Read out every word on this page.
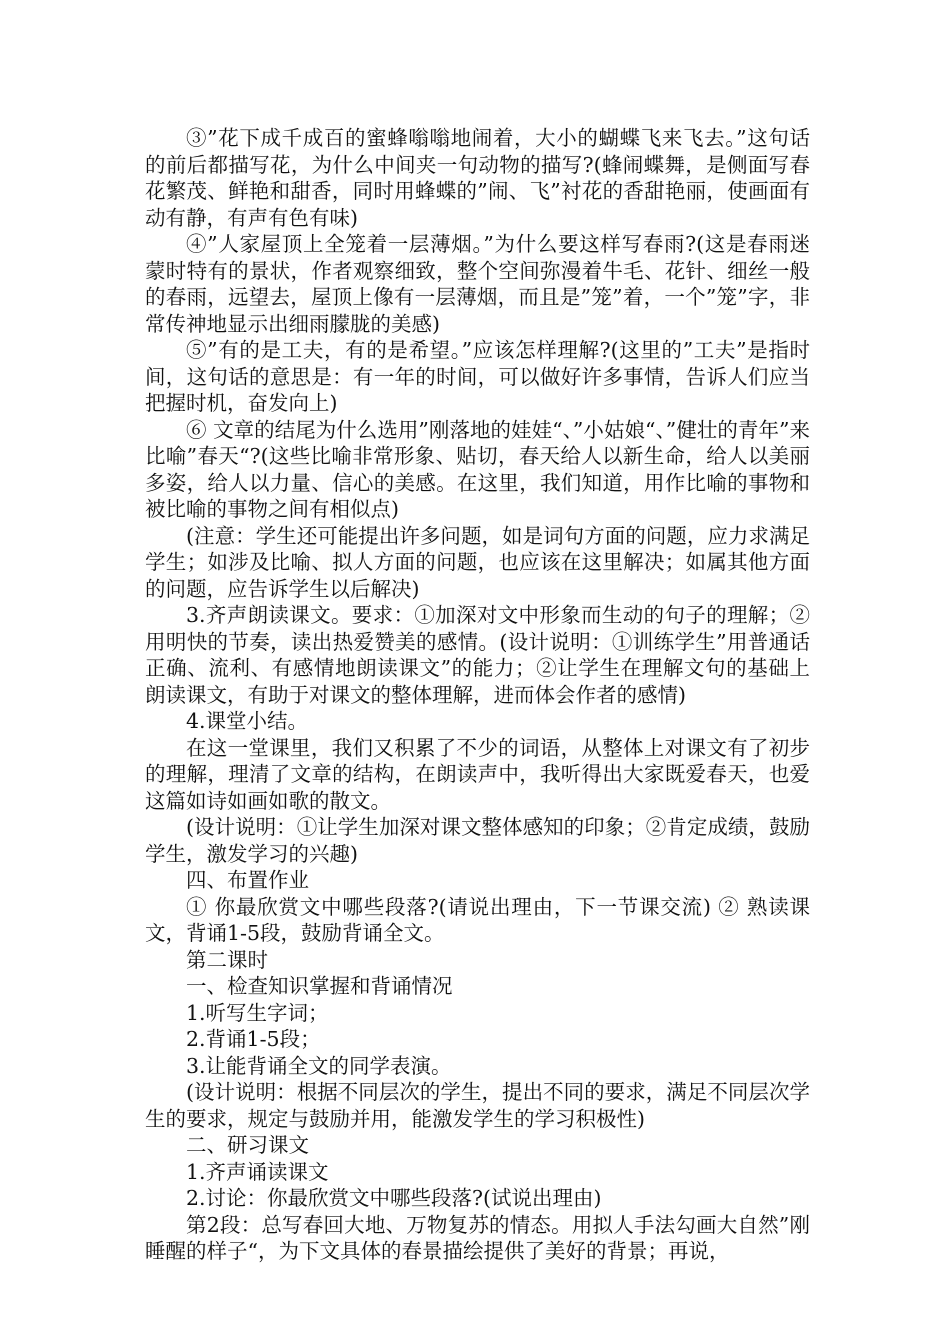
③”花下成千成百的蜜蜂嗡嗡地闹着，大小的蝴蝶飞来飞去。”这句话的前后都描写花，为什么中间夹一句动物的描写?(蜂闹蝶舞，是侧面写春花繁茂、鲜艳和甜香，同时用蜂蝶的”闹、飞”衬花的香甜艳丽，使画面有动有静，有声有色有味)

④”人家屋顶上全笼着一层薄烟。”为什么要这样写春雨?(这是春雨迷蒙时特有的景状，作者观察细致，整个空间弥漫着牛毛、花针、细丝一般的春雨，远望去，屋顶上像有一层薄烟，而且是”笼”着，一个”笼”字，非常传神地显示出细雨朦胧的美感)

⑤”有的是工夫，有的是希望。”应该怎样理解?(这里的”工夫”是指时间，这句话的意思是：有一年的时间，可以做好许多事情，告诉人们应当把握时机，奋发向上)

⑥ 文章的结尾为什么选用”刚落地的娃娃“、”小姑娘“、”健壮的青年”来比喻”春天“?(这些比喻非常形象、贴切，春天给人以新生命，给人以美丽多姿，给人以力量、信心的美感。在这里，我们知道，用作比喻的事物和被比喻的事物之间有相似点)

(注意：学生还可能提出许多问题，如是词句方面的问题，应力求满足学生；如涉及比喻、拟人方面的问题，也应该在这里解决；如属其他方面的问题，应告诉学生以后解决)

3.齐声朗读课文。要求：①加深对文中形象而生动的句子的理解；②用明快的节奏，读出热爱赞美的感情。(设计说明：①训练学生”用普通话正确、流利、有感情地朗读课文”的能力；②让学生在理解文句的基础上朗读课文，有助于对课文的整体理解，进而体会作者的感情)

4.课堂小结。

在这一堂课里，我们又积累了不少的词语，从整体上对课文有了初步的理解，理清了文章的结构，在朗读声中，我听得出大家既爱春天，也爱这篇如诗如画如歌的散文。

(设计说明：①让学生加深对课文整体感知的印象；②肯定成绩，鼓励学生，激发学习的兴趣)

四、布置作业

① 你最欣赏文中哪些段落?(请说出理由，下一节课交流) ② 熟读课文，背诵1-5段，鼓励背诵全文。

第二课时

一、检查知识掌握和背诵情况

1.听写生字词；

2.背诵1-5段；

3.让能背诵全文的同学表演。

(设计说明：根据不同层次的学生，提出不同的要求，满足不同层次学生的要求，规定与鼓励并用，能激发学生的学习积极性)

二、研习课文

1.齐声诵读课文

2.讨论：你最欣赏文中哪些段落?(试说出理由)

第2段：总写春回大地、万物复苏的情态。用拟人手法勾画大自然”刚睡醒的样子“，为下文具体的春景描绘提供了美好的背景；再说，
